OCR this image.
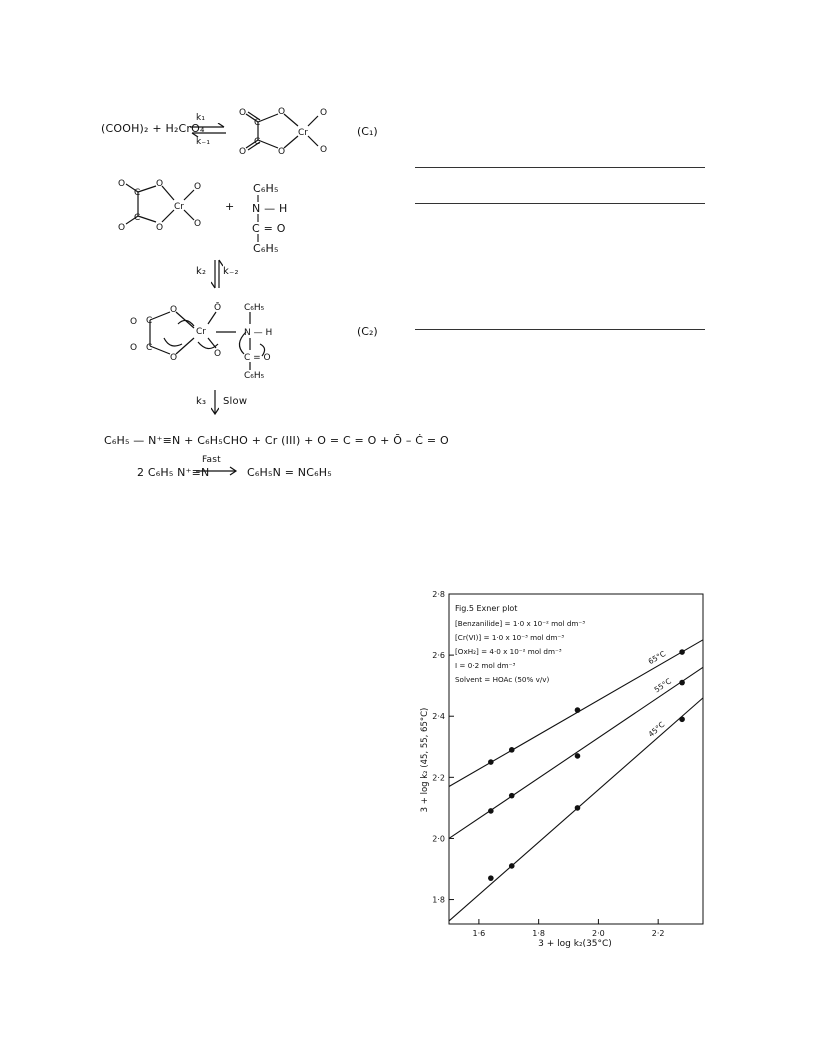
(COOH)₂ + H₂CrO₄
k₁
k₋₁
O
C
C
O
O
O
Cr
O
O
(C₁)
O
C
C
O
O
O
Cr
O
O
+
C₆H₅
N — H
C = O
C₆H₅
k₂ k₋₂
C
C
O
O
Cr
Ō
O
O
O
C₆H₅
N — H
C = O
C₆H₅
(C₂)
k₃ Slow
C₆H₅ — N⁺≡N + C₆H₅CHO + Cr (III) + O = C = O + Ō – Ċ = O
2 C₆H₅ N⁺≡N
Fast
C₆H₅N = NC₆H₅
1·8
2·0
2·2
2·4
2·6
2·8
1·6	1·8	2·0	2·2
65°C
55°C
45°C
Fig.5 Exner plot
[Benzanilide] = 1·0 x 10⁻² mol dm⁻³
[Cr(VI)] = 1·0 x 10⁻³ mol dm⁻³
[OxH₂] = 4·0 x 10⁻² mol dm⁻³
I = 0·2 mol dm⁻³
Solvent = HOAc (50% v/v)
3 + log k₂(35°C)
3 + log k₂ (45, 55, 65°C)
